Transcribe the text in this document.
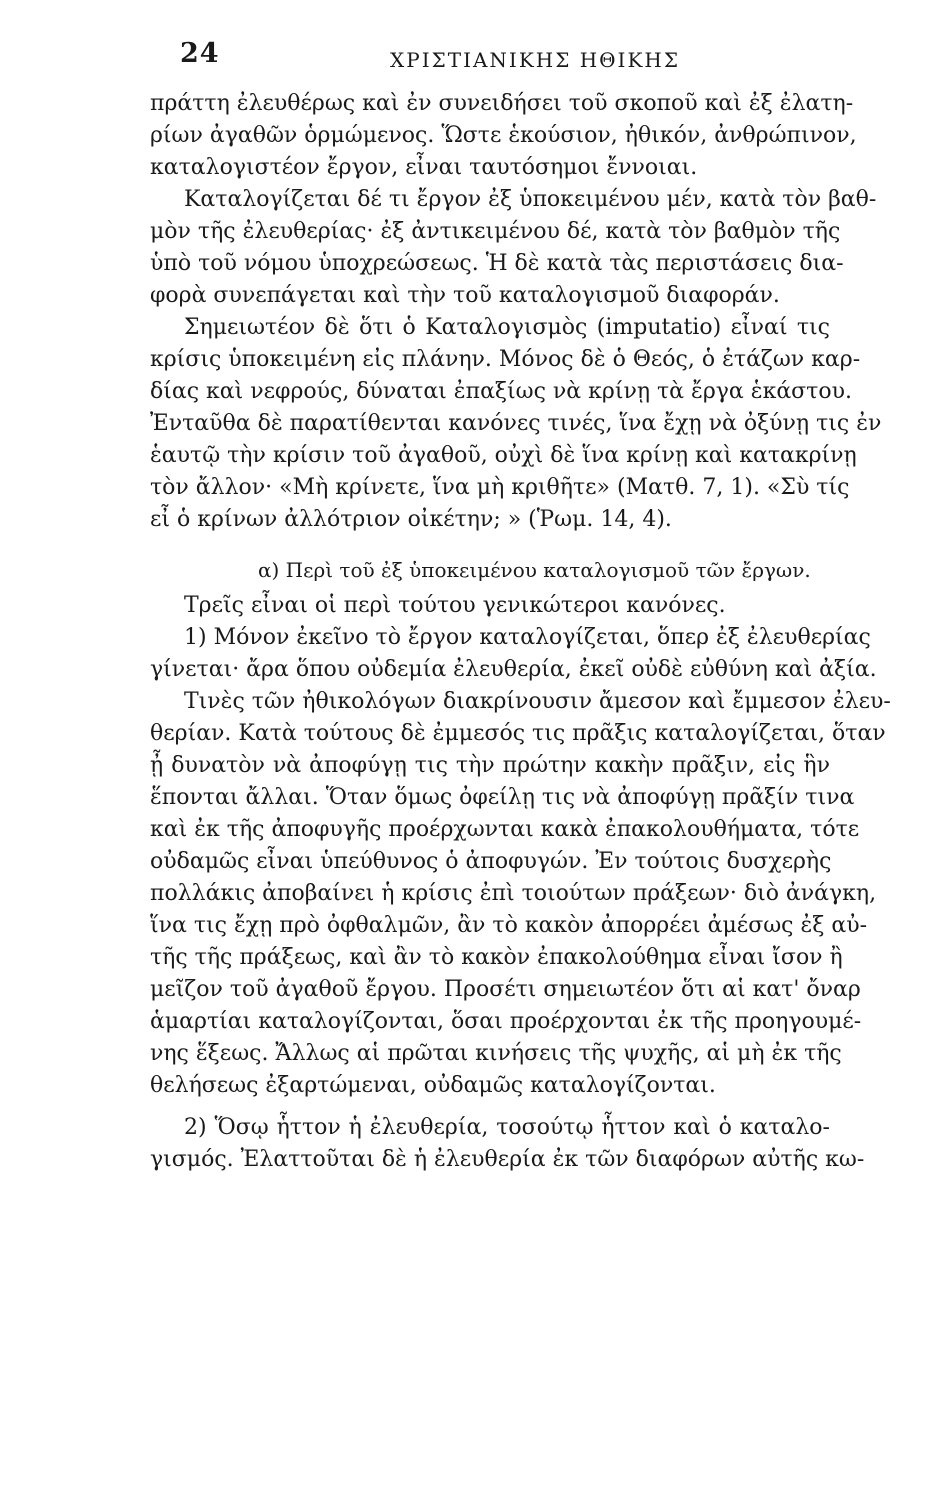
24	ΧΡΙΣΤΙΑΝΙΚΗΣ ΗΘΙΚΗΣ
πράττη ἐλευθέρως καὶ ἐν συνειδήσει τοῦ σκοποῦ καὶ ἐξ ἐλατη-
ρίων ἀγαθῶν ὁρμώμενος. Ὥστε ἑκούσιον, ἠθικόν, ἀνθρώπινον,
καταλογιστέον ἔργον, εἶναι ταυτόσημοι ἔννοιαι.
Καταλογίζεται δέ τι ἔργον ἐξ ὑποκειμένου μέν, κατὰ τὸν βαθ-
μὸν τῆς ἐλευθερίας· ἐξ ἀντικειμένου δέ, κατὰ τὸν βαθμὸν τῆς
ὑπὸ τοῦ νόμου ὑποχρεώσεως. Ἡ δὲ κατὰ τὰς περιστάσεις δια-
φορὰ συνεπάγεται καὶ τὴν τοῦ καταλογισμοῦ διαφοράν.
Σημειωτέον δὲ ὅτι ὁ Καταλογισμὸς (imputatio) εἶναί τις
κρίσις ὑποκειμένη εἰς πλάνην. Μόνος δὲ ὁ Θεός, ὁ ἐτάζων καρ-
δίας καὶ νεφρούς, δύναται ἐπαξίως νὰ κρίνῃ τὰ ἔργα ἑκάστου.
Ἐνταῦθα δὲ παρατίθενται κανόνες τινές, ἵνα ἔχῃ νὰ ὀξύνῃ τις ἐν
ἑαυτῷ τὴν κρίσιν τοῦ ἀγαθοῦ, οὐχὶ δὲ ἵνα κρίνῃ καὶ κατακρίνῃ
τὸν ἄλλον· «Μὴ κρίνετε, ἵνα μὴ κριθῆτε» (Ματθ. 7, 1). «Σὺ τίς
εἶ ὁ κρίνων ἀλλότριον οἰκέτην; » (Ῥωμ. 14, 4).
α) Περὶ τοῦ ἐξ ὑποκειμένου καταλογισμοῦ τῶν ἔργων.
Τρεῖς εἶναι οἱ περὶ τούτου γενικώτεροι κανόνες.
1) Μόνον ἐκεῖνο τὸ ἔργον καταλογίζεται, ὅπερ ἐξ ἐλευθερίας
γίνεται· ἄρα ὅπου οὐδεμία ἐλευθερία, ἐκεῖ οὐδὲ εὐθύνη καὶ ἀξία.
Τινὲς τῶν ἠθικολόγων διακρίνουσιν ἄμεσον καὶ ἔμμεσον ἐλευ-
θερίαν. Κατὰ τούτους δὲ ἐμμεσός τις πρᾶξις καταλογίζεται, ὅταν
ᾖ δυνατὸν νὰ ἀποφύγῃ τις τὴν πρώτην κακὴν πρᾶξιν, εἰς ἣν
ἕπονται ἄλλαι. Ὅταν ὅμως ὀφείλῃ τις νὰ ἀποφύγῃ πρᾶξίν τινα
καὶ ἐκ τῆς ἀποφυγῆς προέρχωνται κακὰ ἐπακολουθήματα, τότε
οὐδαμῶς εἶναι ὑπεύθυνος ὁ ἀποφυγών. Ἐν τούτοις δυσχερὴς
πολλάκις ἀποβαίνει ἡ κρίσις ἐπὶ τοιούτων πράξεων· διὸ ἀνάγκη,
ἵνα τις ἔχῃ πρὸ ὀφθαλμῶν, ἂν τὸ κακὸν ἀπορρέει ἀμέσως ἐξ αὐ-
τῆς τῆς πράξεως, καὶ ἂν τὸ κακὸν ἐπακολούθημα εἶναι ἴσον ἢ
μεῖζον τοῦ ἀγαθοῦ ἔργου. Προσέτι σημειωτέον ὅτι αἱ κατ' ὄναρ
ἁμαρτίαι καταλογίζονται, ὅσαι προέρχονται ἐκ τῆς προηγουμέ-
νης ἕξεως. Ἄλλως αἱ πρῶται κινήσεις τῆς ψυχῆς, αἱ μὴ ἐκ τῆς
θελήσεως ἐξαρτώμεναι, οὐδαμῶς καταλογίζονται.
2) Ὅσῳ ἧττον ἡ ἐλευθερία, τοσούτῳ ἧττον καὶ ὁ καταλο-
γισμός. Ἐλαττοῦται δὲ ἡ ἐλευθερία ἐκ τῶν διαφόρων αὐτῆς κω-
